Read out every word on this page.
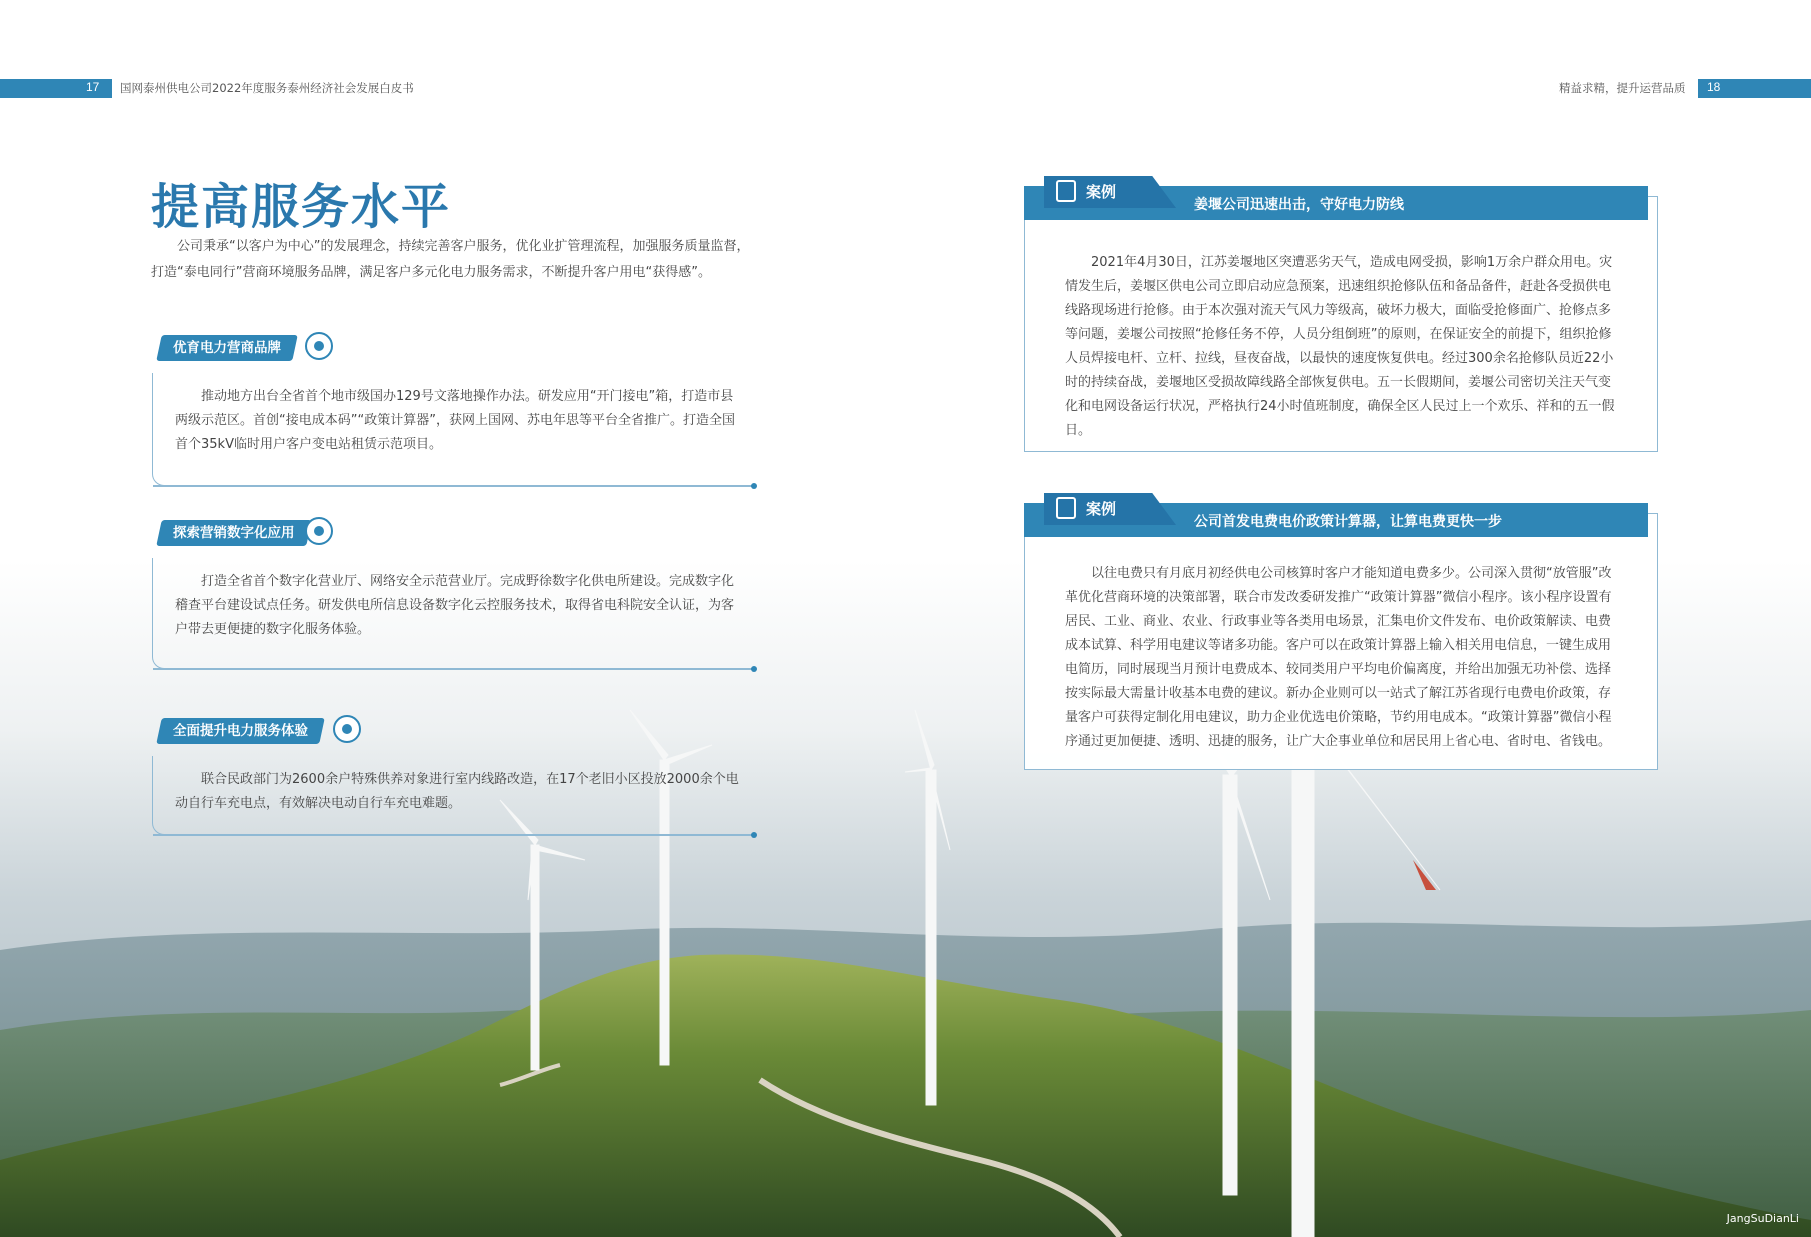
17 国网泰州供电公司2022年度服务泰州经济社会发展白皮书	精益求精，提升运营品质 18
提高服务水平
公司秉承“以客户为中心”的发展理念，持续完善客户服务，优化业扩管理流程，加强服务质量监督，打造“泰电同行”营商环境服务品牌，满足客户多元化电力服务需求，不断提升客户用电“获得感”。
优育电力营商品牌

推动地方出台全省首个地市级国办129号文落地操作办法。研发应用“开门接电”箱，打造市县两级示范区。首创“接电成本码”“政策计算器”，获网上国网、苏电年思等平台全省推广。打造全国首个35kV临时用户客户变电站租赁示范项目。

探索营销数字化应用

打造全省首个数字化营业厅、网络安全示范营业厅。完成野徐数字化供电所建设。完成数字化稽查平台建设试点任务。研发供电所信息设备数字化云控服务技术，取得省电科院安全认证，为客户带去更便捷的数字化服务体验。

全面提升电力服务体验

联合民政部门为2600余户特殊供养对象进行室内线路改造，在17个老旧小区投放2000余个电动自行车充电点，有效解决电动自行车充电难题。

案例
姜堰公司迅速出击，守好电力防线

2021年4月30日，江苏姜堰地区突遭恶劣天气，造成电网受损，影响1万余户群众用电。灾情发生后，姜堰区供电公司立即启动应急预案，迅速组织抢修队伍和备品备件，赶赴各受损供电线路现场进行抢修。由于本次强对流天气风力等级高，破坏力极大，面临受抢修面广、抢修点多等问题，姜堰公司按照“抢修任务不停，人员分组倒班”的原则，在保证安全的前提下，组织抢修人员焊接电杆、立杆、拉线，昼夜奋战，以最快的速度恢复供电。经过300余名抢修队员近22小时的持续奋战，姜堰地区受损故障线路全部恢复供电。五一长假期间，姜堰公司密切关注天气变化和电网设备运行状况，严格执行24小时值班制度，确保全区人民过上一个欢乐、祥和的五一假日。

案例
公司首发电费电价政策计算器，让算电费更快一步

以往电费只有月底月初经供电公司核算时客户才能知道电费多少。公司深入贯彻“放管服”改革优化营商环境的决策部署，联合市发改委研发推广“政策计算器”微信小程序。该小程序设置有居民、工业、商业、农业、行政事业等各类用电场景，汇集电价文件发布、电价政策解读、电费成本试算、科学用电建议等诸多功能。客户可以在政策计算器上输入相关用电信息，一键生成用电简历，同时展现当月预计电费成本、较同类用户平均电价偏离度，并给出加强无功补偿、选择按实际最大需量计收基本电费的建议。新办企业则可以一站式了解江苏省现行电费电价政策，存量客户可获得定制化用电建议，助力企业优选电价策略，节约用电成本。“政策计算器”微信小程序通过更加便捷、透明、迅捷的服务，让广大企事业单位和居民用上省心电、省时电、省钱电。

JangSuDianLi
